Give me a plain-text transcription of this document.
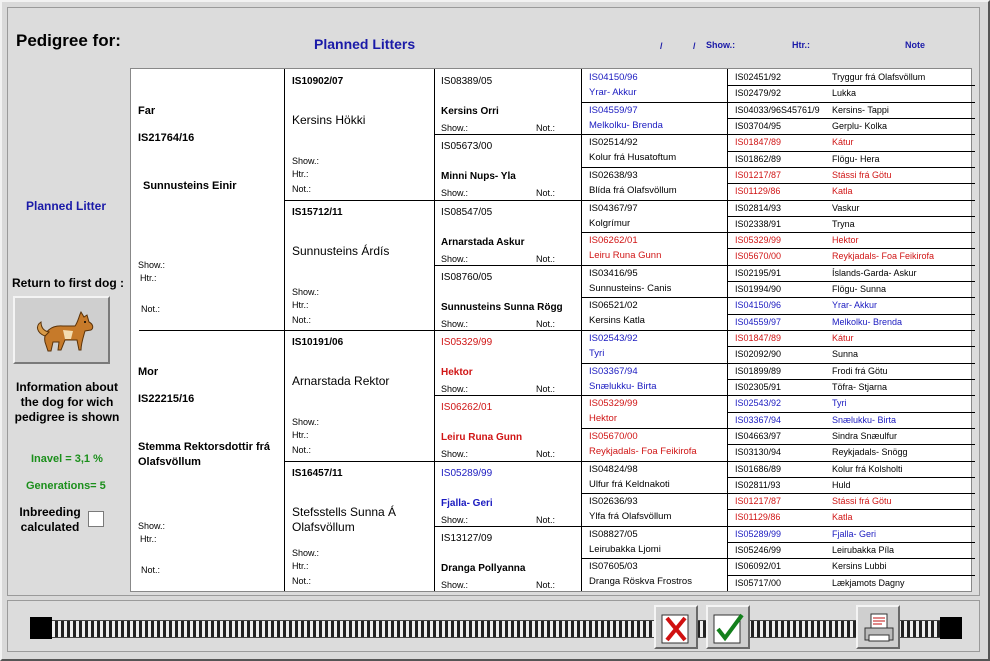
Pedigree for:	Planned Litters	/	/ Show.:	Htr.:	Note
Planned Litter
Return to first dog :
Information about the dog for wich pedigree is shown
Inavel = 3,1 %
Generations= 5
Inbreeding calculated
Far
IS21764/16
Sunnusteins Einir
Show.:
Htr.:
Not.:
Mor
IS22215/16
Stemma Rektorsdottir frá Olafsvöllum
Show.:
Htr.:
Not.:
IS10902/07
Kersins Hökki
Show.:
Htr.:
Not.:
IS15712/11
Sunnusteins Árdís
Show.:
Htr.:
Not.:
IS10191/06
Arnarstada Rektor
Show.:
Htr.:
Not.:
IS16457/11
Stefsstells Sunna Á Olafsvöllum
Show.:
Htr.:
Not.:
IS08389/05
Kersins Orri
Show.:	Not.:
IS05673/00
Minni Nups- Yla
Show.:	Not.:
IS08547/05
Arnarstada Askur
Show.:	Not.:
IS08760/05
Sunnusteins Sunna Rögg
Show.:	Not.:
IS05329/99
Hektor
Show.:	Not.:
IS06262/01
Leiru Runa Gunn
Show.:	Not.:
IS05289/99
Fjalla- Geri
Show.:	Not.:
IS13127/09
Dranga Pollyanna
Show.:	Not.:
IS04150/96
Yrar- Akkur
IS04559/97
Melkolku- Brenda
IS02514/92
Kolur frá Husatoftum
IS02638/93
Blída frá Olafsvöllum
IS04367/97
Kolgrímur
IS06262/01
Leiru Runa Gunn
IS03416/95
Sunnusteins- Canis
IS06521/02
Kersins Katla
IS02543/92
Tyri
IS03367/94
Snælukku- Birta
IS05329/99
Hektor
IS05670/00
Reykjadals- Foa Feikirofa
IS04824/98
Ulfur frá Keldnakoti
IS02636/93
Ylfa frá Olafsvöllum
IS08827/05
Leirubakka Ljomi
IS07605/03
Dranga Röskva Frostros
IS02451/92	Tryggur frá Olafsvöllum
IS02479/92	Lukka
IS04033/96S45761/9 Kersins- Tappi
IS03704/95	Gerplu- Kolka
IS01847/89	Kátur
IS01862/89	Flögu- Hera
IS01217/87	Stássi frá Götu
IS01129/86	Katla
IS02814/93	Vaskur
IS02338/91	Tryna
IS05329/99	Hektor
IS05670/00	Reykjadals- Foa Feikirofa
IS02195/91	Íslands-Garda- Askur
IS01994/90	Flögu- Sunna
IS04150/96	Yrar- Akkur
IS04559/97	Melkolku- Brenda
IS01847/89	Kátur
IS02092/90	Sunna
IS01899/89	Frodi frá Götu
IS02305/91	Töfra- Stjarna
IS02543/92	Tyri
IS03367/94	Snælukku- Birta
IS04663/97	Sindra Snæulfur
IS03130/94	Reykjadals- Snögg
IS01686/89	Kolur frá Kolsholti
IS02811/93	Huld
IS01217/87	Stássi frá Götu
IS01129/86	Katla
IS05289/99	Fjalla- Geri
IS05246/99	Leirubakka Píla
IS06092/01	Kersins Lubbi
IS05717/00	Lækjamots Dagny
